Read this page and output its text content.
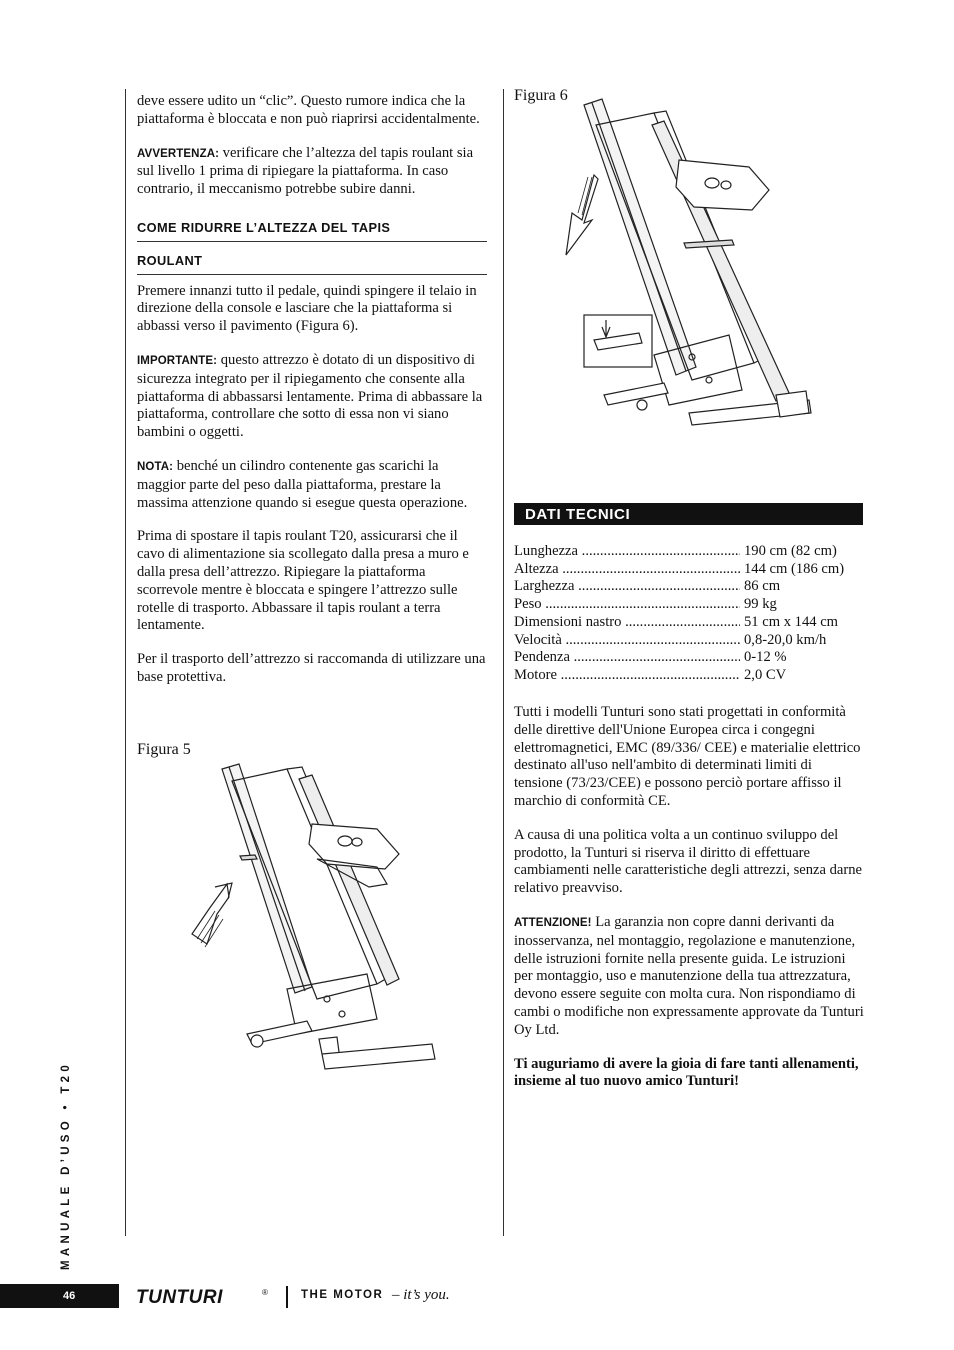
deve essere udito un “clic”. Questo rumore indica che la piattaforma è bloccata e non può riaprirsi accidentalmente.

AVVERTENZA: verificare che l’altezza del tapis roulant sia sul livello 1 prima di ripiegare la piattaforma. In caso contrario, il meccanismo potrebbe subire danni.

COME RIDURRE L’ALTEZZA DEL TAPIS
ROULANT

Premere innanzi tutto il pedale, quindi spingere il telaio in direzione della console e lasciare che la piattaforma si abbassi verso il pavimento (Figura 6).

IMPORTANTE: questo attrezzo è dotato di un dispositivo di sicurezza integrato per il ripiegamento che consente alla piattaforma di abbassarsi lentamente. Prima di abbassare la piattaforma, controllare che sotto di essa non vi siano bambini o oggetti.

NOTA: benché un cilindro contenente gas scarichi la maggior parte del peso dalla piattaforma, prestare la massima attenzione quando si esegue questa operazione.

Prima di spostare il tapis roulant T20, assicurarsi che il cavo di alimentazione sia scollegato dalla presa a muro e dalla presa dell’attrezzo. Ripiegare la piattaforma scorrevole mentre è bloccata e spingere l’attrezzo sulle rotelle di trasporto. Abbassare il tapis roulant a terra lentamente.

Per il trasporto dell’attrezzo si raccomanda di utilizzare una base protettiva.

Figura 5
Figura 6
DATI TECNICI
Lunghezza .....	190 cm (82 cm)
Altezza .....	144 cm (186 cm)
Larghezza .....	86 cm
Peso .....	99 kg
Dimensioni nastro .....	51 cm x 144 cm
Velocità .....	0,8-20,0 km/h
Pendenza .....	0-12 %
Motore .....	2,0 CV

Tutti i modelli Tunturi sono stati progettati in conformità delle direttive dell'Unione Europea circa i congegni elettromagnetici, EMC (89/336/ CEE) e materialie elettrico destinato all'uso nell'ambito di determinati limiti di tensione (73/23/CEE) e possono perciò portare affisso il marchio di conformità CE.

A causa di una politica volta a un continuo sviluppo del prodotto, la Tunturi si riserva il diritto di effettuare cambiamenti nelle caratteristiche degli attrezzi, senza darne relativo preavviso.

ATTENZIONE! La garanzia non copre danni derivanti da inosservanza, nel montaggio, regolazione e manutenzione, delle istruzioni fornite nella presente guida. Le istruzioni per montaggio, uso e manutenzione della tua attrezzatura, devono essere seguite con molta cura. Non rispondiamo di cambi o modifiche non expressamente approvate da Tunturi Oy Ltd.

Ti auguriamo di avere la gioia di fare tanti allenamenti, insieme al tuo nuovo amico Tunturi!

MANUALE D’USO • T20
46	TUNTURI	®	THE MOTOR – it’s you.
